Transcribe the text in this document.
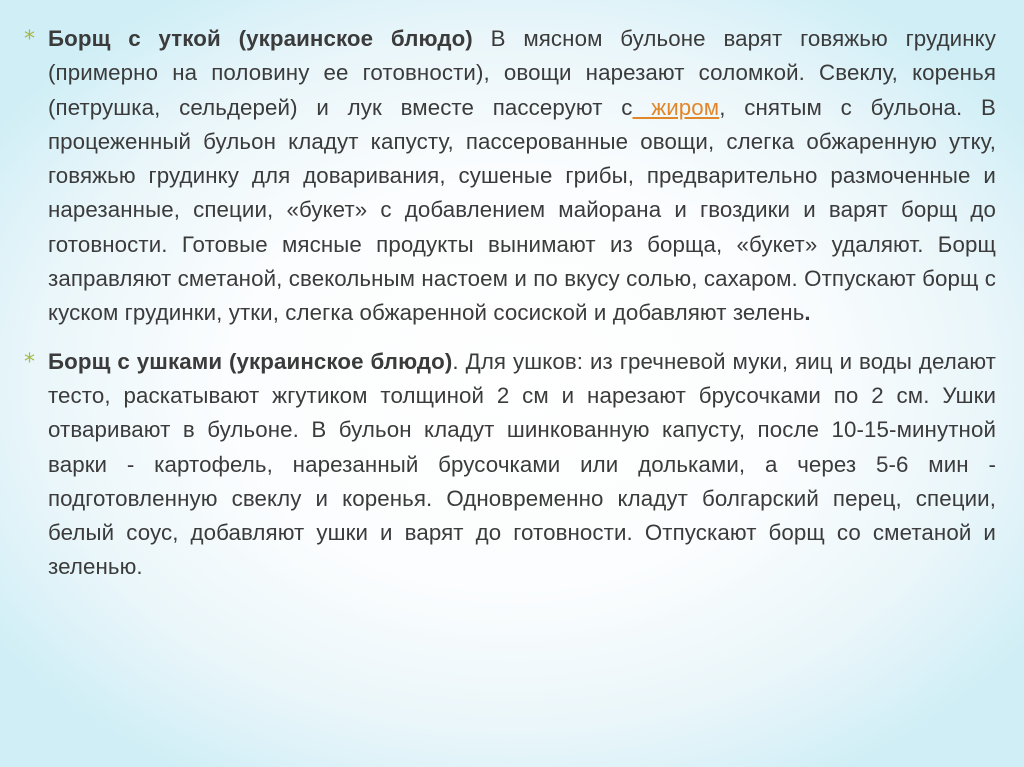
* Борщ с уткой (украинское блюдо) В мясном бульоне варят говяжью грудинку (примерно на половину ее готовности), овощи нарезают соломкой. Свеклу, коренья (петрушка, сельдерей) и лук вместе пассеруют с жиром, снятым с бульона. В процеженный бульон кладут капусту, пассерованные овощи, слегка обжаренную утку, говяжью грудинку для доваривания, сушеные грибы, предварительно размоченные и нарезанные, специи, «букет» с добавлением майорана и гвоздики и варят борщ до готовности. Готовые мясные продукты вынимают из борща, «букет» удаляют. Борщ заправляют сметаной, свекольным настоем и по вкусу солью, сахаром. Отпускают борщ с куском грудинки, утки, слегка обжаренной сосиской и добавляют зелень.
* Борщ с ушками (украинское блюдо). Для ушков: из гречневой муки, яиц и воды делают тесто, раскатывают жгутиком толщиной 2 см и нарезают брусочками по 2 см. Ушки отваривают в бульоне. В бульон кладут шинкованную капусту, после 10-15-минутной варки - картофель, нарезанный брусочками или дольками, а через 5-6 мин - подготовленную свеклу и коренья. Одновременно кладут болгарский перец, специи, белый соус, добавляют ушки и варят до готовности. Отпускают борщ со сметаной и зеленью.
